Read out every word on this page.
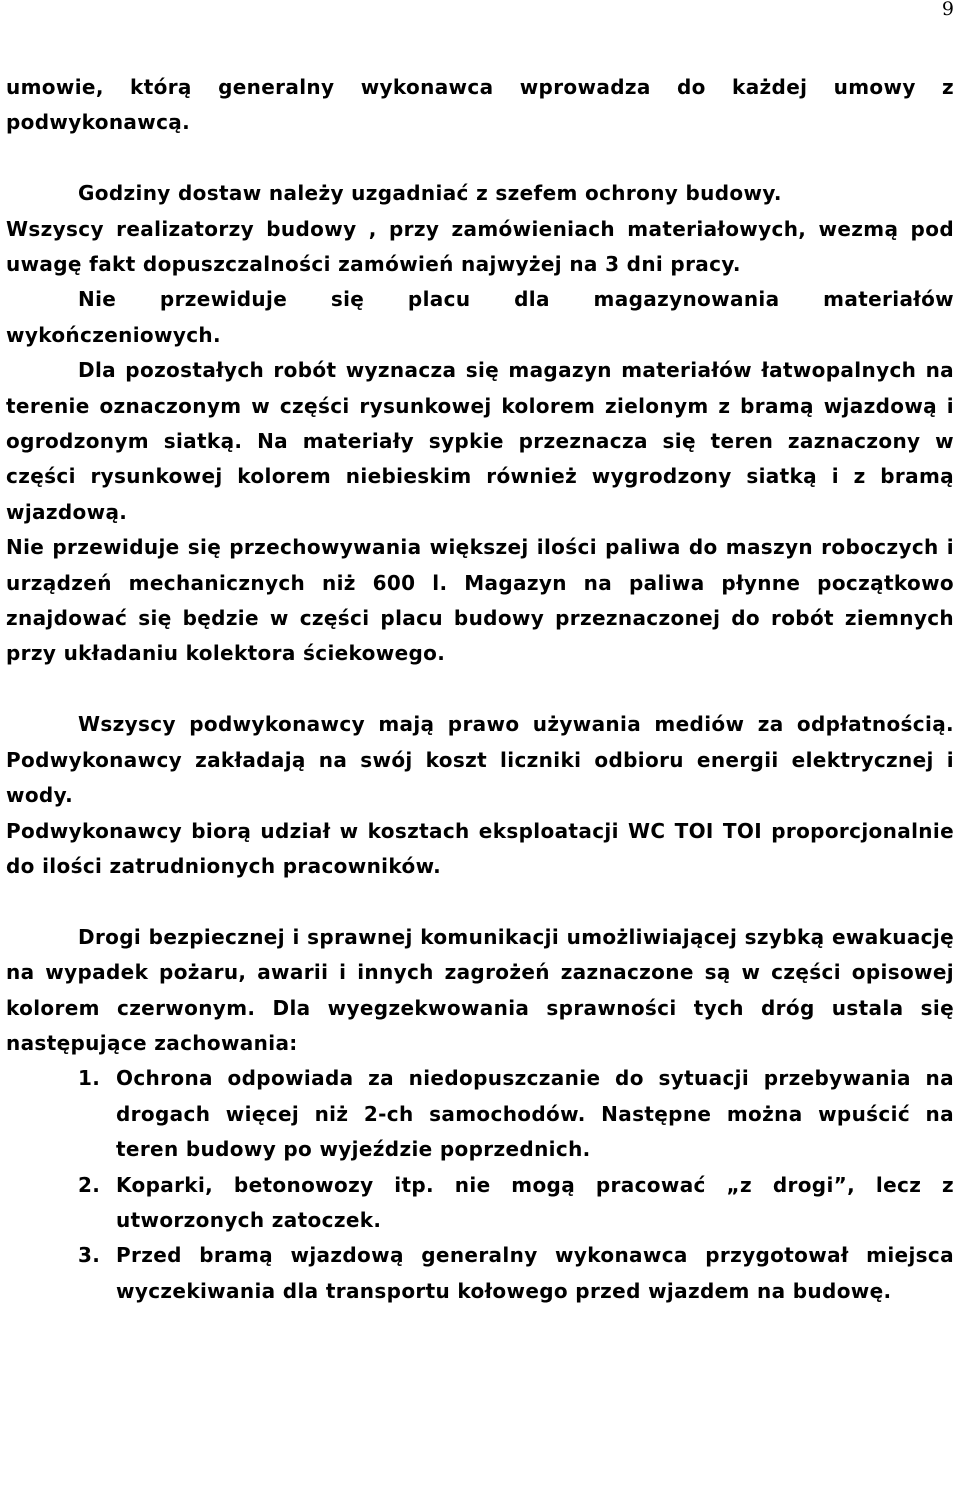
9

umowie, którą generalny wykonawca wprowadza do każdej umowy z podwykonawcą.

Godziny dostaw należy uzgadniać z szefem ochrony budowy.

Wszyscy realizatorzy budowy , przy zamówieniach materiałowych, wezmą pod uwagę fakt dopuszczalności zamówień najwyżej na 3 dni pracy.

Nie przewiduje się placu dla magazynowania materiałów wykończeniowych.

Dla pozostałych robót wyznacza się magazyn materiałów łatwopalnych na terenie oznaczonym w części rysunkowej kolorem zielonym z bramą wjazdową i ogrodzonym siatką. Na materiały sypkie przeznacza się teren zaznaczony w części rysunkowej kolorem niebieskim również wygrodzony siatką i z bramą wjazdową.

Nie przewiduje się przechowywania większej ilości paliwa do maszyn roboczych i urządzeń mechanicznych niż 600 l. Magazyn na paliwa płynne początkowo znajdować się będzie w części placu budowy przeznaczonej do robót ziemnych przy układaniu kolektora ściekowego.

Wszyscy podwykonawcy mają prawo używania mediów za odpłatnością. Podwykonawcy zakładają na swój koszt liczniki odbioru energii elektrycznej i wody.

Podwykonawcy biorą udział w kosztach eksploatacji WC TOI TOI proporcjonalnie do ilości zatrudnionych pracowników.

Drogi bezpiecznej i sprawnej komunikacji umożliwiającej szybką ewakuację na wypadek pożaru, awarii i innych zagrożeń zaznaczone są w części opisowej kolorem czerwonym. Dla wyegzekwowania sprawności tych dróg ustala się następujące zachowania:

1. Ochrona odpowiada za niedopuszczanie do sytuacji przebywania na drogach więcej niż 2-ch samochodów. Następne można wpuścić na teren budowy po wyjeździe poprzednich.
2. Koparki, betonowozy itp. nie mogą pracować „z drogi”, lecz z utworzonych zatoczek.
3. Przed bramą wjazdową generalny wykonawca przygotował miejsca wyczekiwania dla transportu kołowego przed wjazdem na budowę.
